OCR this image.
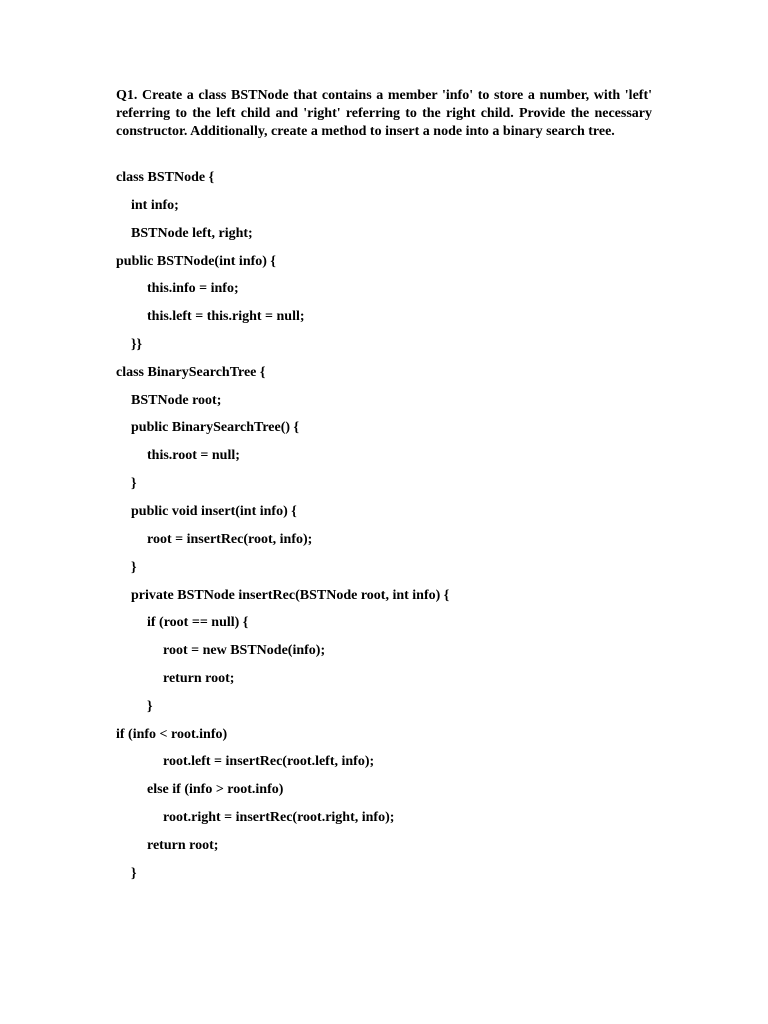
Q1. Create a class BSTNode that contains a member 'info' to store a number, with 'left' referring to the left child and 'right' referring to the right child. Provide the necessary constructor. Additionally, create a method to insert a node into a binary search tree.

class BSTNode {

int info;

BSTNode left, right;

public BSTNode(int info) {

this.info = info;

this.left = this.right = null;

}}

class BinarySearchTree {

BSTNode root;

public BinarySearchTree() {

this.root = null;

}

public void insert(int info) {

root = insertRec(root, info);

}

private BSTNode insertRec(BSTNode root, int info) {

if (root == null) {

root = new BSTNode(info);

return root;

}

if (info < root.info)

root.left = insertRec(root.left, info);

else if (info > root.info)

root.right = insertRec(root.right, info);

return root;

}
